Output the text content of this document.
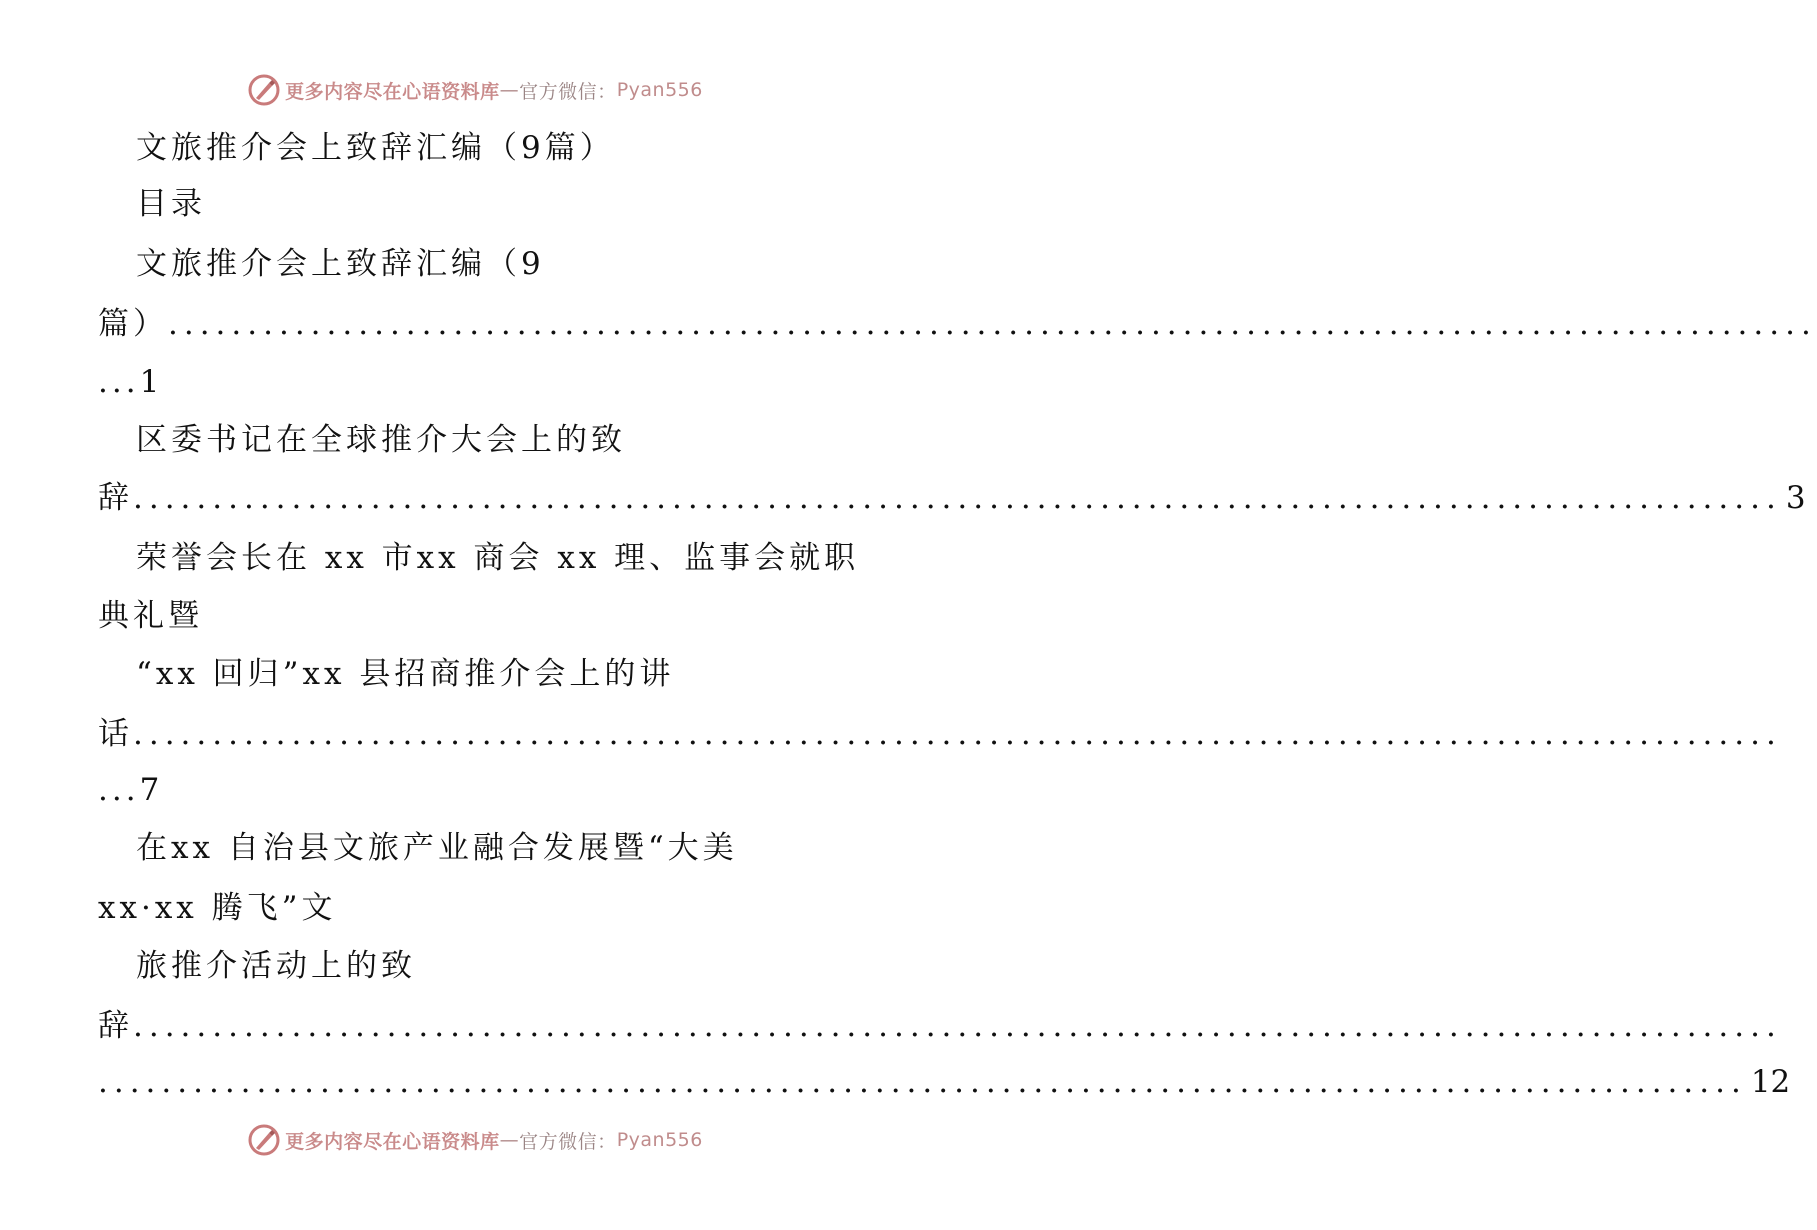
更多内容尽在心语资料库 — 官方微信： Pyan556
文旅推介会上致辞汇编（9篇）
目录
文旅推介会上致辞汇编（9
篇） ........................................................................................................
...1
区委书记在全球推介大会上的致
辞 ........................................................................................................ 3
荣誉会长在 xx 市xx 商会 xx 理、监事会就职
典礼暨
“xx 回归”xx 县招商推介会上的讲
话 ........................................................................................................
...7
在xx 自治县文旅产业融合发展暨“大美
xx·xx 腾飞”文
旅推介活动上的致
辞 ........................................................................................................
........................................................................................................ 12
更多内容尽在心语资料库 — 官方微信： Pyan556
